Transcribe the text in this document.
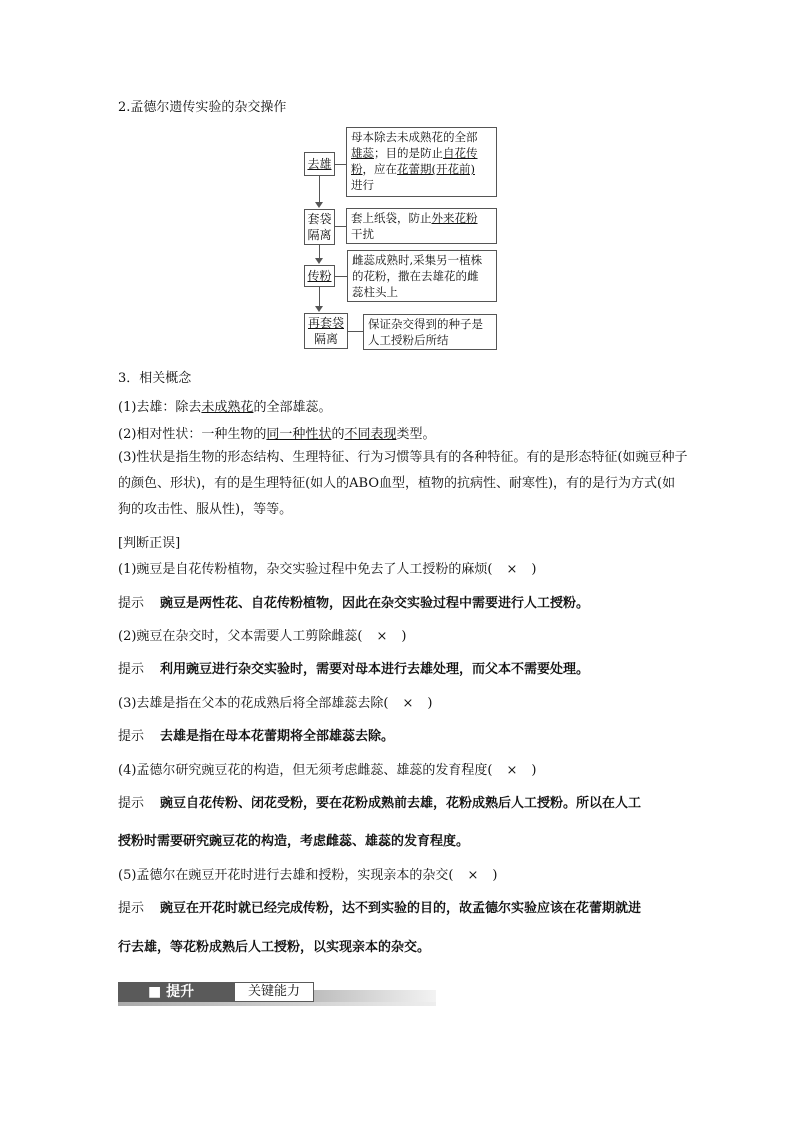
2.孟德尔遗传实验的杂交操作
去雄
套袋
隔离
传粉
再套袋
隔离
母本除去未成熟花的全部
雄蕊；目的是防止自花传
粉，应在花蕾期(开花前)
进行
套上纸袋，防止外来花粉
干扰
雌蕊成熟时,采集另一植株
的花粉，撒在去雄花的雌
蕊柱头上
保证杂交得到的种子是
人工授粉后所结
3．相关概念
(1)去雄：除去未成熟花的全部雄蕊。
(2)相对性状：一种生物的同一种性状的不同表现类型。
(3)性状是指生物的形态结构、生理特征、行为习惯等具有的各种特征。有的是形态特征(如豌豆种子的颜色、形状)，有的是生理特征(如人的ABO血型，植物的抗病性、耐寒性)，有的是行为方式(如狗的攻击性、服从性)，等等。
[判断正误]
(1)豌豆是自花传粉植物，杂交实验过程中免去了人工授粉的麻烦( × )
提示 豌豆是两性花、自花传粉植物，因此在杂交实验过程中需要进行人工授粉。
(2)豌豆在杂交时，父本需要人工剪除雌蕊( × )
提示 利用豌豆进行杂交实验时，需要对母本进行去雄处理，而父本不需要处理。
(3)去雄是指在父本的花成熟后将全部雄蕊去除( × )
提示 去雄是指在母本花蕾期将全部雄蕊去除。
(4)孟德尔研究豌豆花的构造，但无须考虑雌蕊、雄蕊的发育程度( × )
提示 豌豆自花传粉、闭花受粉，要在花粉成熟前去雄，花粉成熟后人工授粉。所以在人工
授粉时需要研究豌豆花的构造，考虑雌蕊、雄蕊的发育程度。
(5)孟德尔在豌豆开花时进行去雄和授粉，实现亲本的杂交( × )
提示 豌豆在开花时就已经完成传粉，达不到实验的目的，故孟德尔实验应该在花蕾期就进
行去雄，等花粉成熟后人工授粉，以实现亲本的杂交。
■ 提升	关键能力
